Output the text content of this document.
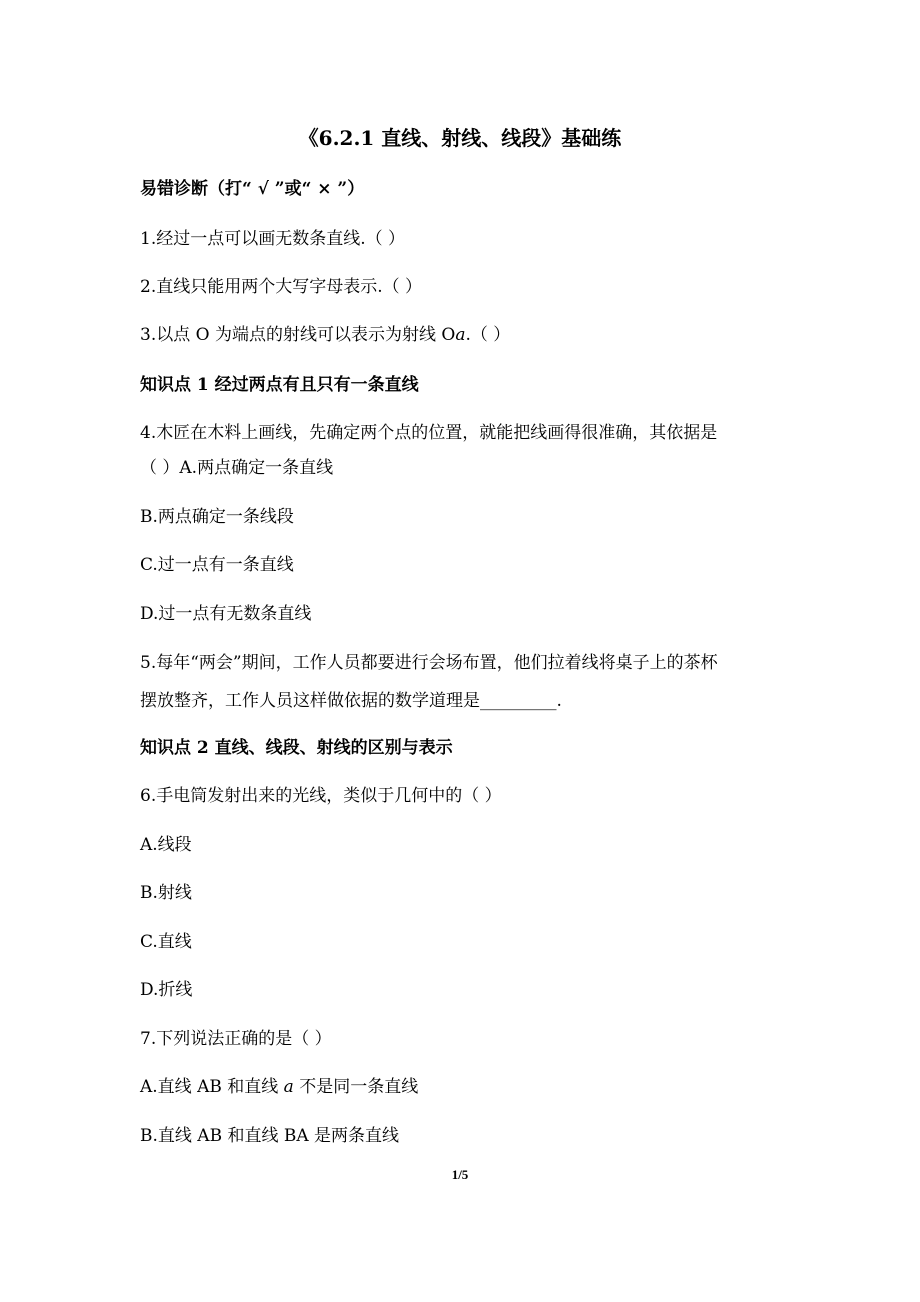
《6.2.1 直线、射线、线段》基础练
易错诊断（打“ √ ”或“ × ”）
1.经过一点可以画无数条直线.（ ）
2.直线只能用两个大写字母表示.（ ）
3.以点 O 为端点的射线可以表示为射线 Oa.（ ）
知识点 1 经过两点有且只有一条直线
4.木匠在木料上画线，先确定两个点的位置，就能把线画得很准确，其依据是
（ ）A.两点确定一条直线
B.两点确定一条线段
C.过一点有一条直线
D.过一点有无数条直线
5.每年“两会”期间，工作人员都要进行会场布置，他们拉着线将桌子上的茶杯
摆放整齐，工作人员这样做依据的数学道理是_________.
知识点 2 直线、线段、射线的区别与表示
6.手电筒发射出来的光线，类似于几何中的（ ）
A.线段
B.射线
C.直线
D.折线
7.下列说法正确的是（ ）
A.直线 AB 和直线 a 不是同一条直线
B.直线 AB 和直线 BA 是两条直线
1/5
